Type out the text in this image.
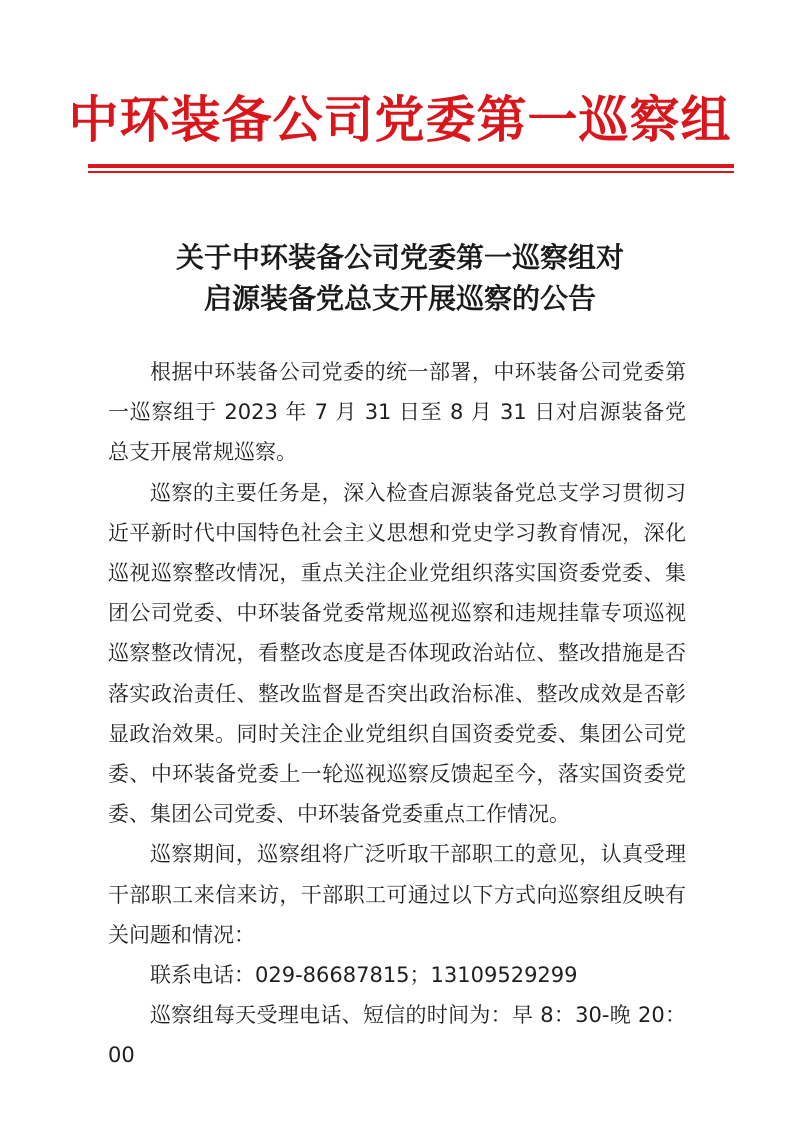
中环装备公司党委第一巡察组
关于中环装备公司党委第一巡察组对
启源装备党总支开展巡察的公告

根据中环装备公司党委的统一部署，中环装备公司党委第一巡察组于 2023 年 7 月 31 日至 8 月 31 日对启源装备党总支开展常规巡察。

巡察的主要任务是，深入检查启源装备党总支学习贯彻习近平新时代中国特色社会主义思想和党史学习教育情况，深化巡视巡察整改情况，重点关注企业党组织落实国资委党委、集团公司党委、中环装备党委常规巡视巡察和违规挂靠专项巡视巡察整改情况，看整改态度是否体现政治站位、整改措施是否落实政治责任、整改监督是否突出政治标准、整改成效是否彰显政治效果。同时关注企业党组织自国资委党委、集团公司党委、中环装备党委上一轮巡视巡察反馈起至今，落实国资委党委、集团公司党委、中环装备党委重点工作情况。

巡察期间，巡察组将广泛听取干部职工的意见，认真受理干部职工来信来访，干部职工可通过以下方式向巡察组反映有关问题和情况：

联系电话：029-86687815；13109529299

巡察组每天受理电话、短信的时间为：早 8：30-晚 20：00
